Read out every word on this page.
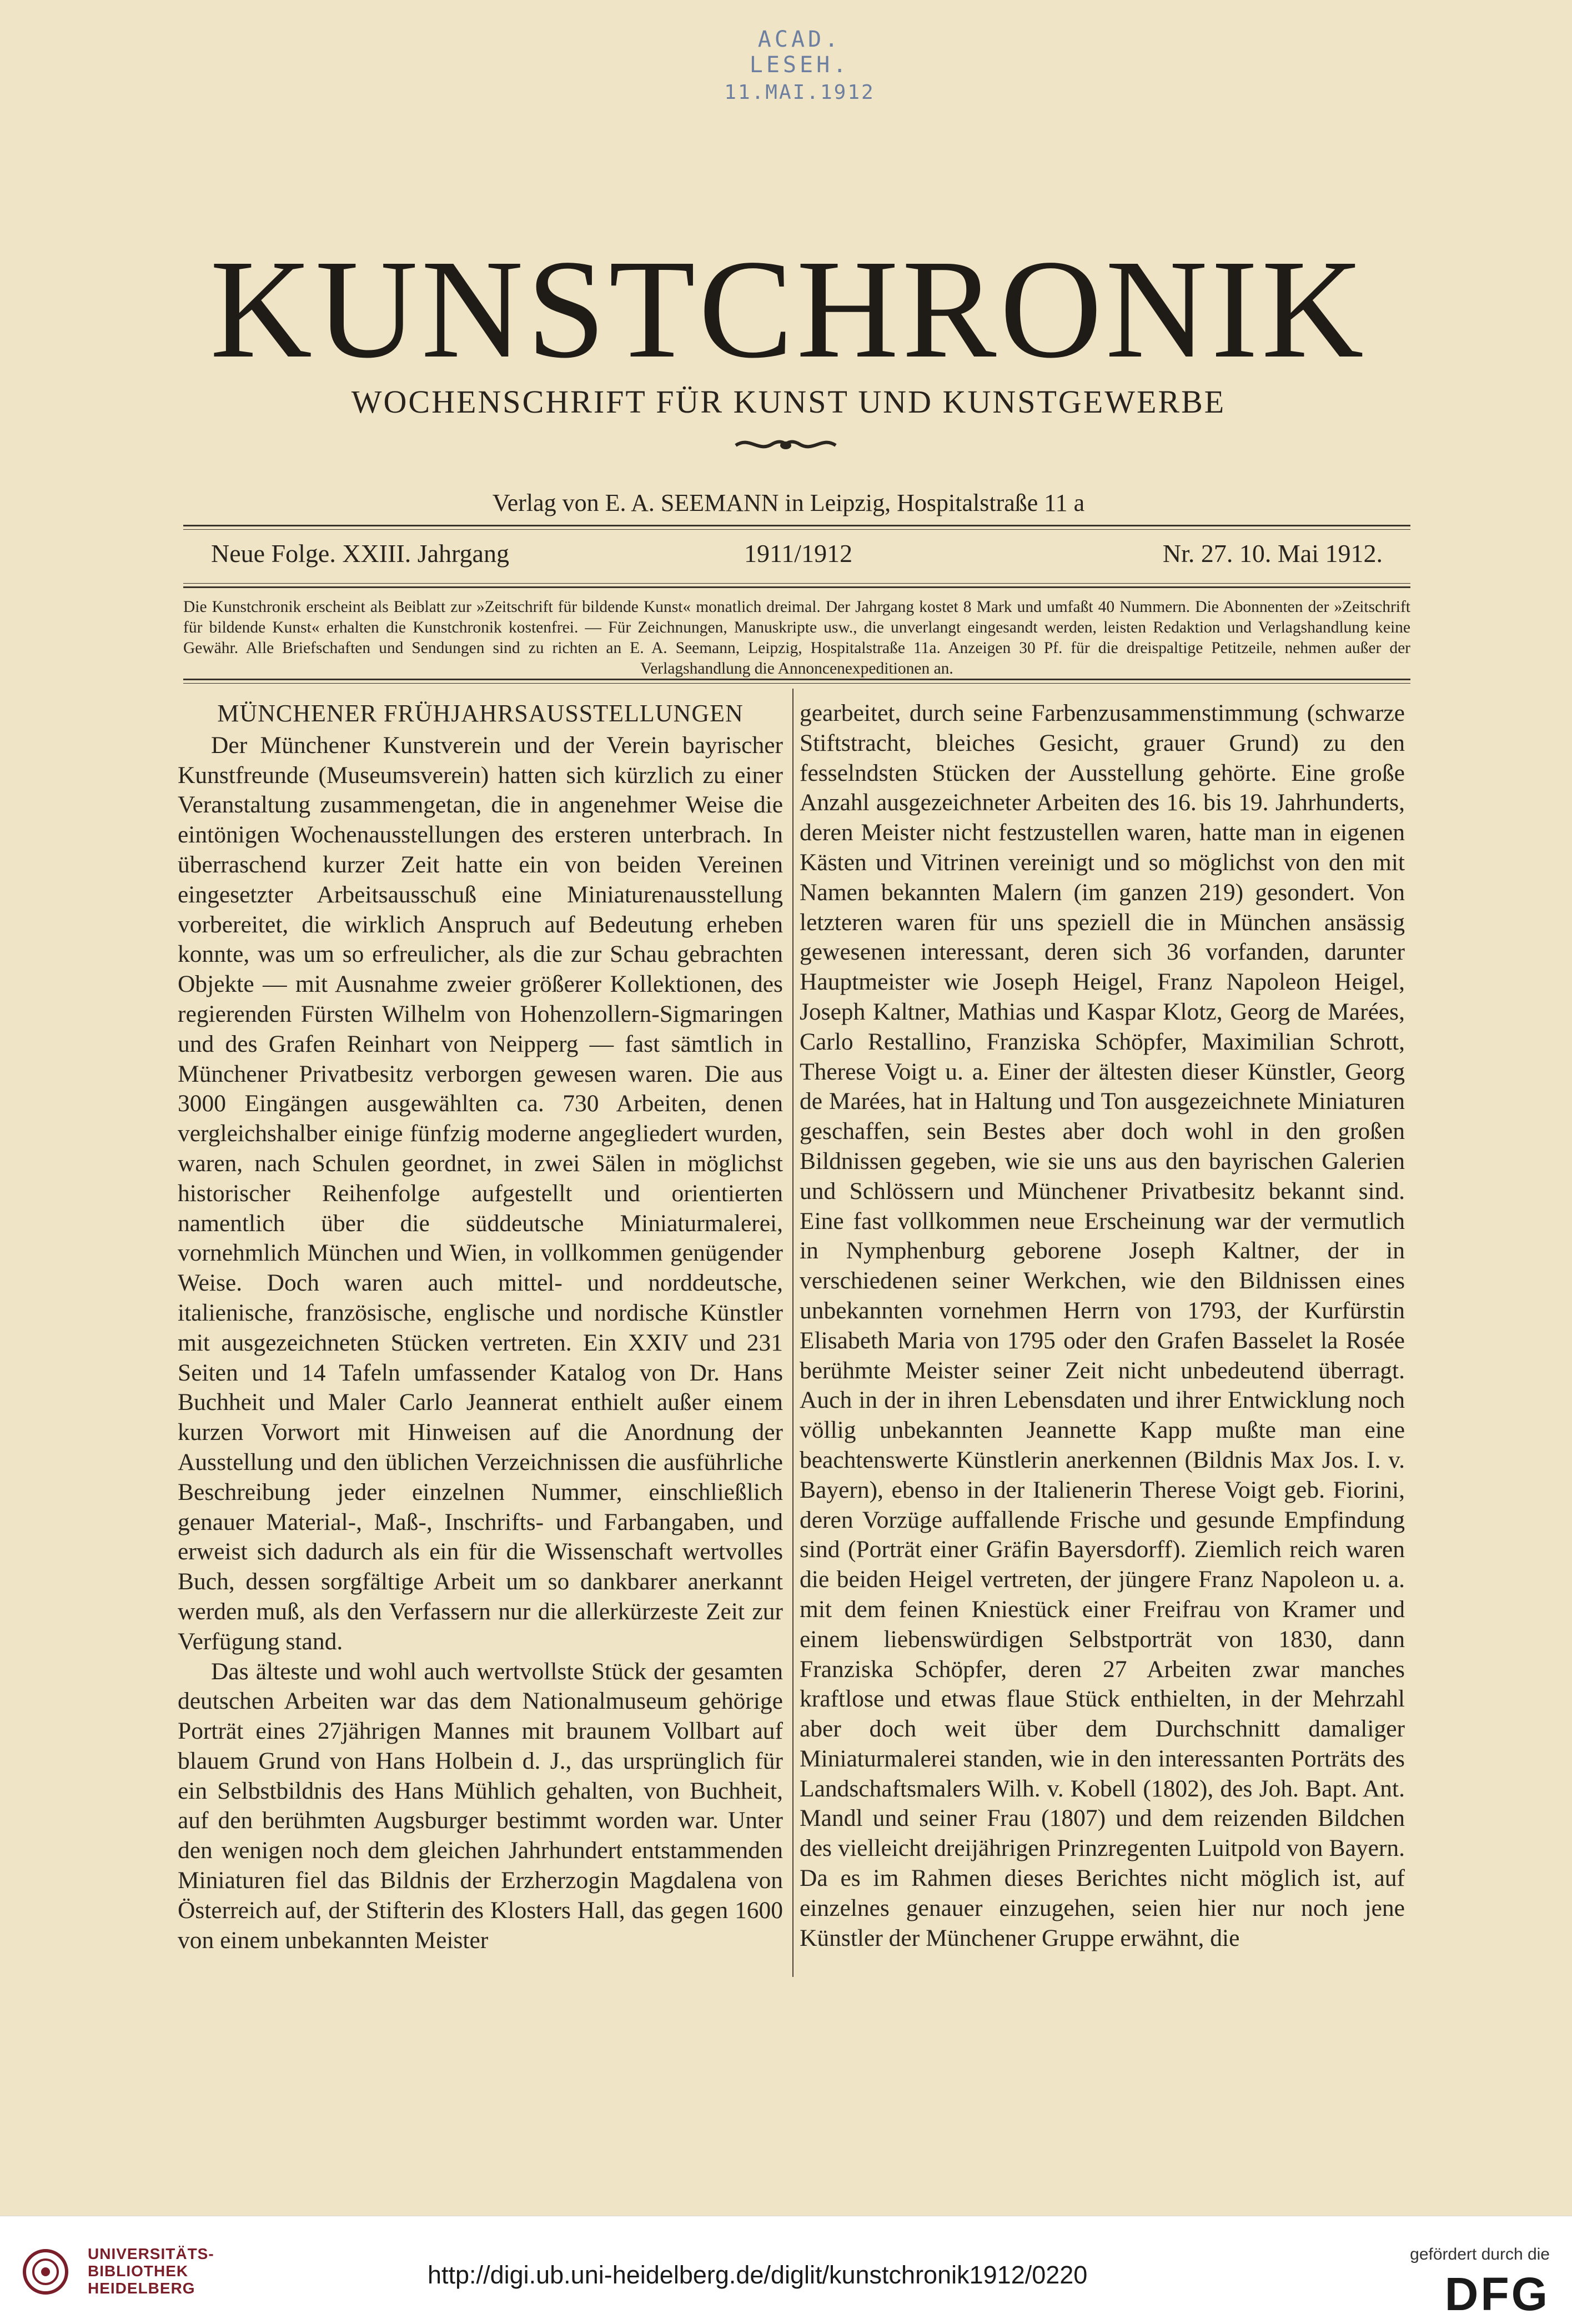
ACAD. LESEH.
11.MAI.1912
KUNSTCHRONIK
WOCHENSCHRIFT FÜR KUNST UND KUNSTGEWERBE
Verlag von E. A. SEEMANN in Leipzig, Hospitalstraße 11 a
Neue Folge. XXIII. Jahrgang	1911/1912	Nr. 27. 10. Mai 1912.
Die Kunstchronik erscheint als Beiblatt zur »Zeitschrift für bildende Kunst« monatlich dreimal. Der Jahrgang kostet 8 Mark und umfaßt 40 Nummern. Die Abonnenten der »Zeitschrift für bildende Kunst« erhalten die Kunstchronik kostenfrei. — Für Zeichnungen, Manuskripte usw., die unverlangt eingesandt werden, leisten Redaktion und Verlagshandlung keine Gewähr. Alle Briefschaften und Sendungen sind zu richten an E. A. Seemann, Leipzig, Hospitalstraße 11a. Anzeigen 30 Pf. für die dreispaltige Petitzeile, nehmen außer der Verlagshandlung die Annoncenexpeditionen an.

MÜNCHENER FRÜHJAHRSAUSSTELLUNGEN

Der Münchener Kunstverein und der Verein bayrischer Kunstfreunde (Museumsverein) hatten sich kürzlich zu einer Veranstaltung zusammengetan, die in angenehmer Weise die eintönigen Wochenausstellungen des ersteren unterbrach. In überraschend kurzer Zeit hatte ein von beiden Vereinen eingesetzter Arbeitsausschuß eine Miniaturenausstellung vorbereitet, die wirklich Anspruch auf Bedeutung erheben konnte, was um so erfreulicher, als die zur Schau gebrachten Objekte — mit Ausnahme zweier größerer Kollektionen, des regierenden Fürsten Wilhelm von Hohenzollern-Sigmaringen und des Grafen Reinhart von Neipperg — fast sämtlich in Münchener Privatbesitz verborgen gewesen waren. Die aus 3000 Eingängen ausgewählten ca. 730 Arbeiten, denen vergleichshalber einige fünfzig moderne angegliedert wurden, waren, nach Schulen geordnet, in zwei Sälen in möglichst historischer Reihenfolge aufgestellt und orientierten namentlich über die süddeutsche Miniaturmalerei, vornehmlich München und Wien, in vollkommen genügender Weise. Doch waren auch mittel- und norddeutsche, italienische, französische, englische und nordische Künstler mit ausgezeichneten Stücken vertreten. Ein XXIV und 231 Seiten und 14 Tafeln umfassender Katalog von Dr. Hans Buchheit und Maler Carlo Jeannerat enthielt außer einem kurzen Vorwort mit Hinweisen auf die Anordnung der Ausstellung und den üblichen Verzeichnissen die ausführliche Beschreibung jeder einzelnen Nummer, einschließlich genauer Material-, Maß-, Inschrifts- und Farbangaben, und erweist sich dadurch als ein für die Wissenschaft wertvolles Buch, dessen sorgfältige Arbeit um so dankbarer anerkannt werden muß, als den Verfassern nur die allerkürzeste Zeit zur Verfügung stand.

Das älteste und wohl auch wertvollste Stück der gesamten deutschen Arbeiten war das dem Nationalmuseum gehörige Porträt eines 27jährigen Mannes mit braunem Vollbart auf blauem Grund von Hans Holbein d. J., das ursprünglich für ein Selbstbildnis des Hans Mühlich gehalten, von Buchheit, auf den berühmten Augsburger bestimmt worden war. Unter den wenigen noch dem gleichen Jahrhundert entstammenden Miniaturen fiel das Bildnis der Erzherzogin Magdalena von Österreich auf, der Stifterin des Klosters Hall, das gegen 1600 von einem unbekannten Meister

gearbeitet, durch seine Farbenzusammenstimmung (schwarze Stiftstracht, bleiches Gesicht, grauer Grund) zu den fesselndsten Stücken der Ausstellung gehörte. Eine große Anzahl ausgezeichneter Arbeiten des 16. bis 19. Jahrhunderts, deren Meister nicht festzustellen waren, hatte man in eigenen Kästen und Vitrinen vereinigt und so möglichst von den mit Namen bekannten Malern (im ganzen 219) gesondert. Von letzteren waren für uns speziell die in München ansässig gewesenen interessant, deren sich 36 vorfanden, darunter Hauptmeister wie Joseph Heigel, Franz Napoleon Heigel, Joseph Kaltner, Mathias und Kaspar Klotz, Georg de Marées, Carlo Restallino, Franziska Schöpfer, Maximilian Schrott, Therese Voigt u. a. Einer der ältesten dieser Künstler, Georg de Marées, hat in Haltung und Ton ausgezeichnete Miniaturen geschaffen, sein Bestes aber doch wohl in den großen Bildnissen gegeben, wie sie uns aus den bayrischen Galerien und Schlössern und Münchener Privatbesitz bekannt sind. Eine fast vollkommen neue Erscheinung war der vermutlich in Nymphenburg geborene Joseph Kaltner, der in verschiedenen seiner Werkchen, wie den Bildnissen eines unbekannten vornehmen Herrn von 1793, der Kurfürstin Elisabeth Maria von 1795 oder den Grafen Basselet la Rosée berühmte Meister seiner Zeit nicht unbedeutend überragt. Auch in der in ihren Lebensdaten und ihrer Entwicklung noch völlig unbekannten Jeannette Kapp mußte man eine beachtenswerte Künstlerin anerkennen (Bildnis Max Jos. I. v. Bayern), ebenso in der Italienerin Therese Voigt geb. Fiorini, deren Vorzüge auffallende Frische und gesunde Empfindung sind (Porträt einer Gräfin Bayersdorff). Ziemlich reich waren die beiden Heigel vertreten, der jüngere Franz Napoleon u. a. mit dem feinen Kniestück einer Freifrau von Kramer und einem liebenswürdigen Selbstporträt von 1830, dann Franziska Schöpfer, deren 27 Arbeiten zwar manches kraftlose und etwas flaue Stück enthielten, in der Mehrzahl aber doch weit über dem Durchschnitt damaliger Miniaturmalerei standen, wie in den interessanten Porträts des Landschaftsmalers Wilh. v. Kobell (1802), des Joh. Bapt. Ant. Mandl und seiner Frau (1807) und dem reizenden Bildchen des vielleicht dreijährigen Prinzregenten Luitpold von Bayern. Da es im Rahmen dieses Berichtes nicht möglich ist, auf einzelnes genauer einzugehen, seien hier nur noch jene Künstler der Münchener Gruppe erwähnt, die

UNIVERSITÄTS-
BIBLIOTHEK
HEIDELBERG	http://digi.ub.uni-heidelberg.de/diglit/kunstchronik1912/0220
gefördert durch die
DFG
